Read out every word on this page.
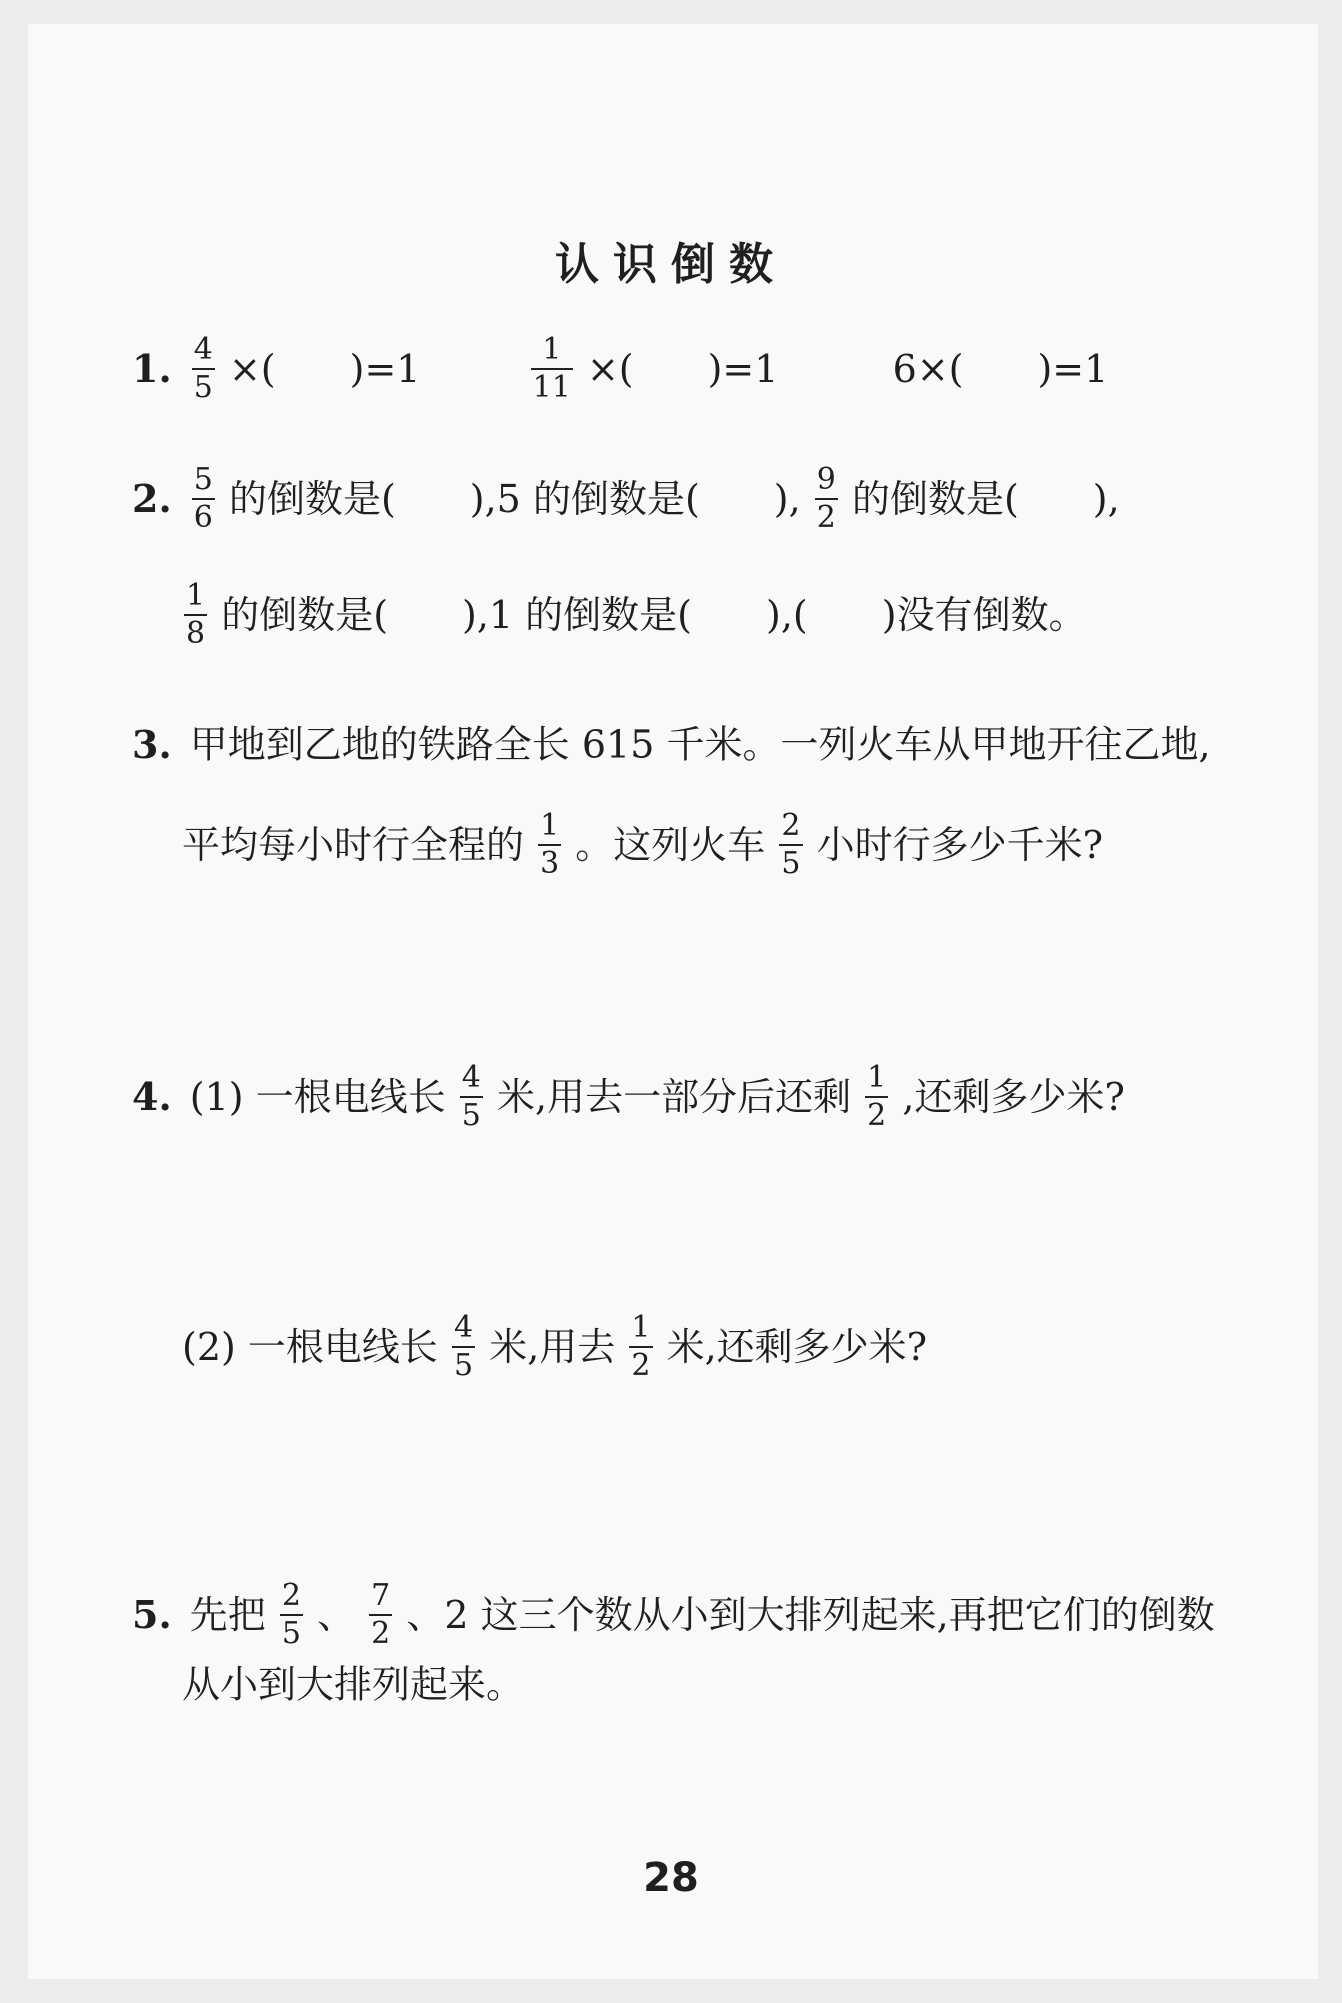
认识倒数
1. $\frac{4}{5}$ ×( )=1	$\frac{1}{11}$ ×( )=1	6×( )=1
2. $\frac{5}{6}$ 的倒数是( ),5 的倒数是( ), $\frac{9}{2}$ 的倒数是( ),
$\frac{1}{8}$ 的倒数是( ),1 的倒数是( ),( )没有倒数。
3. 甲地到乙地的铁路全长 615 千米。一列火车从甲地开往乙地,
平均每小时行全程的 $\frac{1}{3}$ 。这列火车 $\frac{2}{5}$ 小时行多少千米?
4. (1) 一根电线长 $\frac{4}{5}$ 米,用去一部分后还剩 $\frac{1}{2}$ ,还剩多少米?
(2) 一根电线长 $\frac{4}{5}$ 米,用去 $\frac{1}{2}$ 米,还剩多少米?
5. 先把 $\frac{2}{5}$ 、 $\frac{7}{2}$ 、2 这三个数从小到大排列起来,再把它们的倒数
从小到大排列起来。
28
